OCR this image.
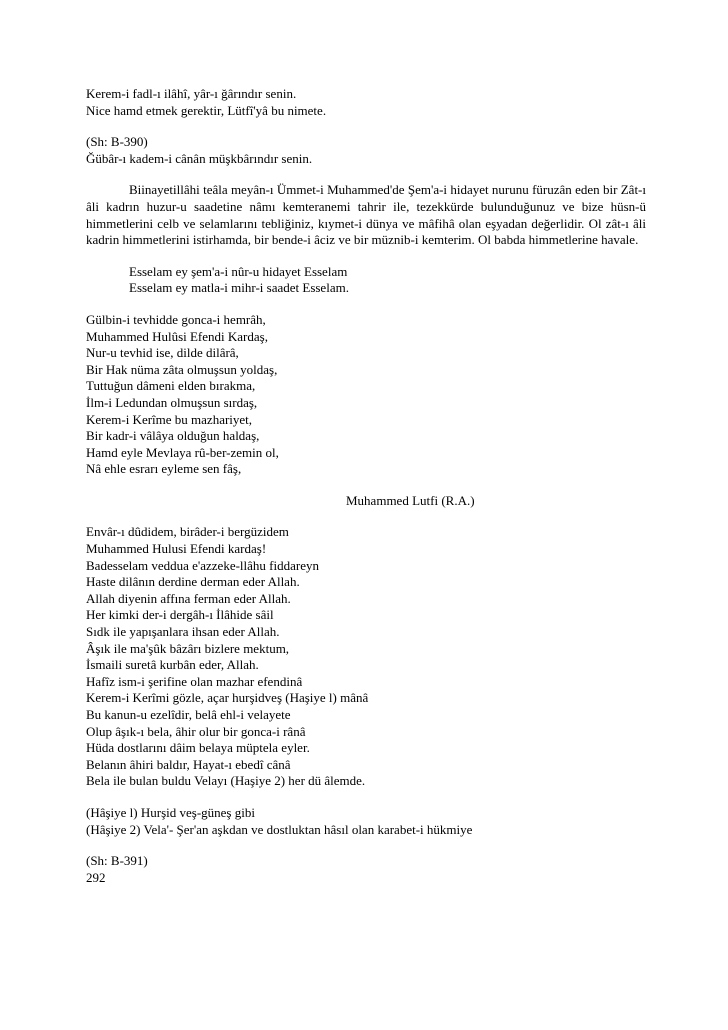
Kerem-i fadl-ı ilâhî, yâr-ı ğârındır senin.
Nice hamd etmek gerektir, Lütfî'yâ bu nimete.
(Sh: B-390)
Ğübâr-ı kadem-i cânân müşkbârındır senin.
Biinayetillâhi teâla meyân-ı Ümmet-i Muhammed'de Şem'a-i hidayet nurunu füruzân eden bir Zât-ı âli kadrın huzur-u saadetine nâmı kemteranemi tahrir ile, tezekkürde bulunduğunuz ve bize hüsn-ü himmetlerini celb ve selamlarını tebliğiniz, kıymet-i dünya ve mâfihâ olan eşyadan değerlidir. Ol zât-ı âli kadrin himmetlerini istirhamda, bir bende-i âciz ve bir müznib-i kemterim. Ol babda himmetlerine havale.
Esselam ey şem'a-i nûr-u hidayet Esselam
Esselam ey matla-i mihr-i saadet Esselam.
Gülbin-i tevhidde gonca-i hemrâh,
Muhammed Hulûsi Efendi Kardaş,
Nur-u tevhid ise, dilde dilârâ,
Bir Hak nüma zâta olmuşsun yoldaş,
Tuttuğun dâmeni elden bırakma,
İlm-i Ledundan olmuşsun sırdaş,
Kerem-i Kerîme bu mazhariyet,
Bir kadr-i vâlâya olduğun haldaş,
Hamd eyle Mevlaya rû-ber-zemin ol,
Nâ ehle esrarı eyleme sen fâş,
Muhammed Lutfi (R.A.)
Envâr-ı dûdidem, birâder-i bergüzidem
Muhammed Hulusi Efendi kardaş!
Badesselam veddua e'azzeke-llâhu fiddareyn
Haste dilânın derdine derman eder Allah.
Allah diyenin affına ferman eder Allah.
Her kimki der-i dergâh-ı İlâhide sâil
Sıdk ile yapışanlara ihsan eder Allah.
Âşık ile ma'şûk bâzârı bizlere mektum,
İsmaili suretâ kurbân eder, Allah.
Hafîz ism-i şerifine olan mazhar efendinâ
Kerem-i Kerîmi gözle, açar hurşidveş (Haşiye l) mânâ
Bu kanun-u ezelîdir, belâ ehl-i velayete
Olup âşık-ı bela, âhir olur bir gonca-i rânâ
Hüda dostlarını dâim belaya müptela eyler.
Belanın âhiri baldır, Hayat-ı ebedî cânâ
Bela ile bulan buldu Velayı (Haşiye 2) her dü âlemde.
(Hâşiye l) Hurşid veş-güneş gibi
(Hâşiye 2) Vela'- Şer'an aşkdan ve dostluktan hâsıl olan karabet-i hükmiye
(Sh: B-391)
292
